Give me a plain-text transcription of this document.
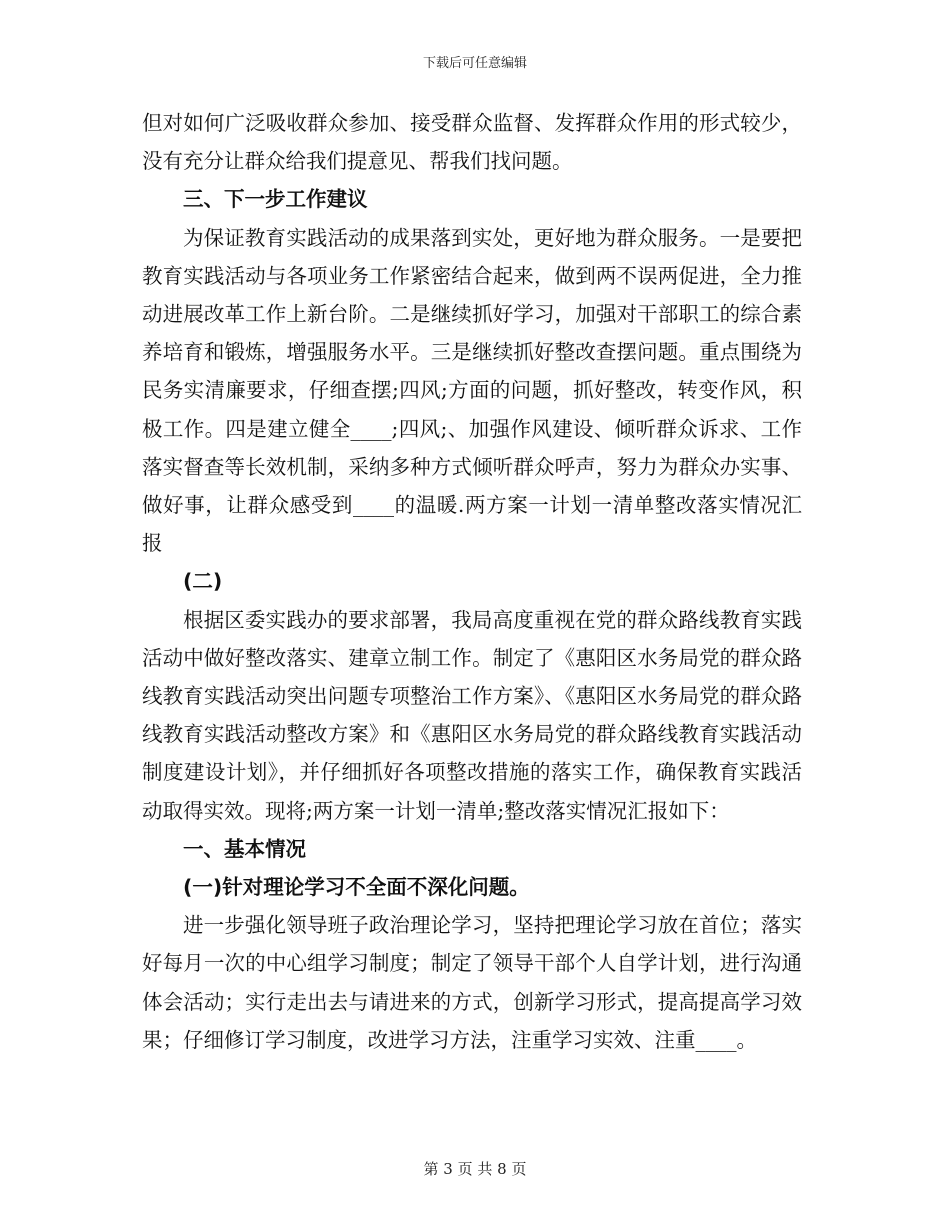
下载后可任意编辑

但对如何广泛吸收群众参加、接受群众监督、发挥群众作用的形式较少，没有充分让群众给我们提意见、帮我们找问题。

三、下一步工作建议

为保证教育实践活动的成果落到实处，更好地为群众服务。一是要把教育实践活动与各项业务工作紧密结合起来，做到两不误两促进，全力推动进展改革工作上新台阶。二是继续抓好学习，加强对干部职工的综合素养培育和锻炼，增强服务水平。三是继续抓好整改查摆问题。重点围绕为民务实清廉要求，仔细查摆;四风;方面的问题，抓好整改，转变作风，积极工作。四是建立健全____;四风;、加强作风建设、倾听群众诉求、工作落实督查等长效机制，采纳多种方式倾听群众呼声，努力为群众办实事、做好事，让群众感受到____的温暖.两方案一计划一清单整改落实情况汇报

(二)

根据区委实践办的要求部署，我局高度重视在党的群众路线教育实践活动中做好整改落实、建章立制工作。制定了《惠阳区水务局党的群众路线教育实践活动突出问题专项整治工作方案》、《惠阳区水务局党的群众路线教育实践活动整改方案》和《惠阳区水务局党的群众路线教育实践活动制度建设计划》，并仔细抓好各项整改措施的落实工作，确保教育实践活动取得实效。现将;两方案一计划一清单;整改落实情况汇报如下：

一、基本情况

(一)针对理论学习不全面不深化问题。

进一步强化领导班子政治理论学习，坚持把理论学习放在首位；落实好每月一次的中心组学习制度；制定了领导干部个人自学计划，进行沟通体会活动；实行走出去与请进来的方式，创新学习形式，提高提高学习效果；仔细修订学习制度，改进学习方法，注重学习实效、注重____。

第 3 页 共 8 页
